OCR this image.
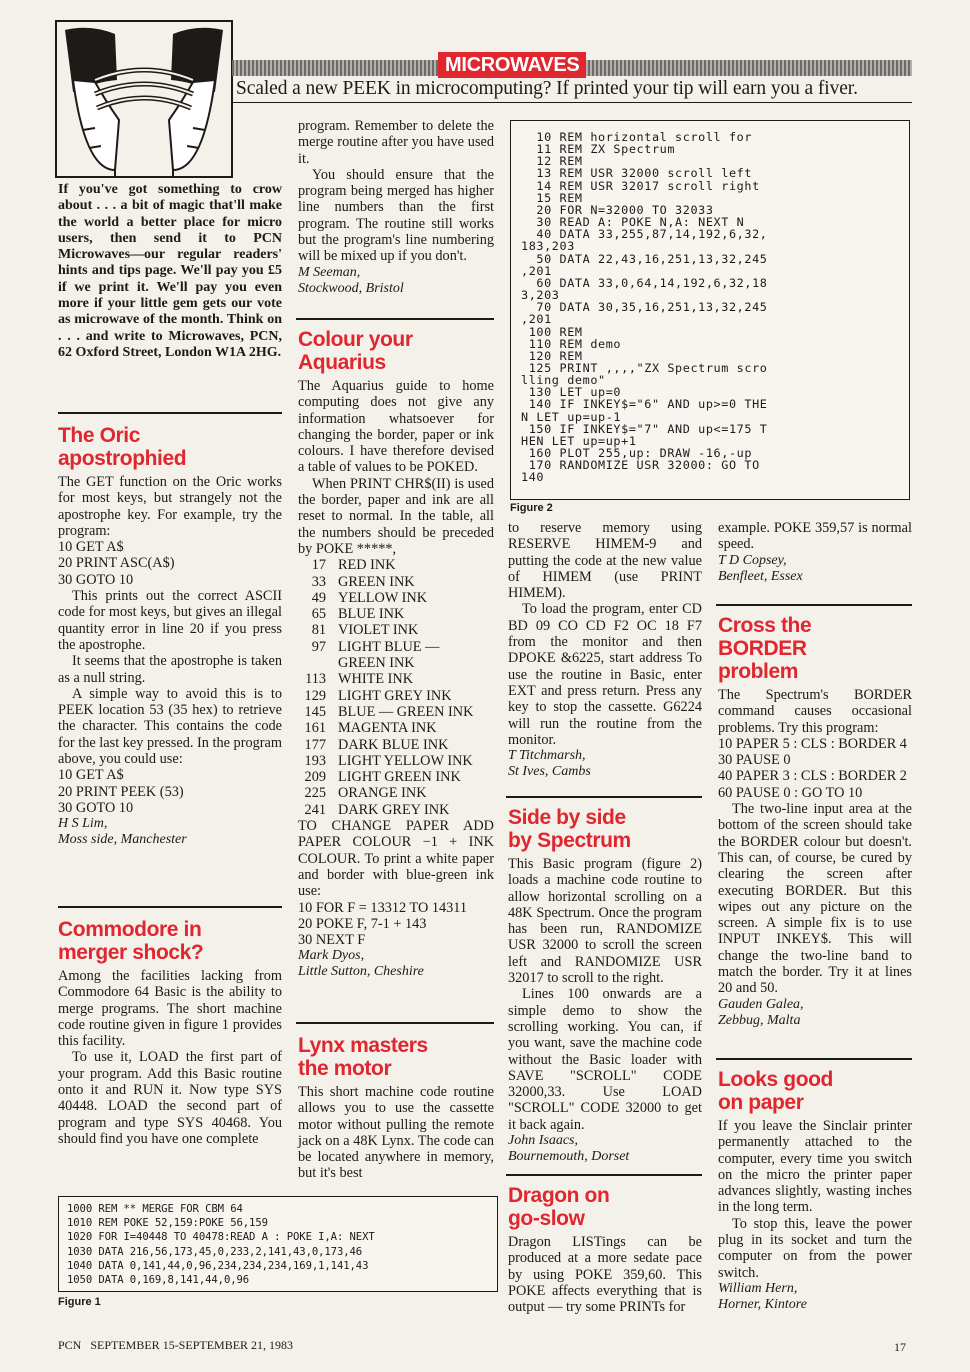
MICROWAVES
Scaled a new PEEK in microcomputing? If printed your tip will earn you a fiver.

If you've got something to crow about . . . a bit of magic that'll make the world a better place for micro users, then send it to PCN Microwaves—our regular readers' hints and tips page. We'll pay you £5 if we print it. We'll pay you even more if your little gem gets our vote as microwave of the month. Think on . . . and write to Microwaves, PCN, 62 Oxford Street, London W1A 2HG.

The Oric apostrophied

The GET function on the Oric works for most keys, but strangely not the apostrophe key. For example, try the program:

10 GET A$
20 PRINT ASC(A$)
30 GOTO 10

This prints out the correct ASCII code for most keys, but gives an illegal quantity error in line 20 if you press the apostrophe.

It seems that the apostrophe is taken as a null string.

A simple way to avoid this is to PEEK location 53 (35 hex) to retrieve the character. This contains the code for the last key pressed. In the program above, you could use:

10 GET A$
20 PRINT PEEK (53)
30 GOTO 10

H S Lim,

Moss side, Manchester

Commodore in merger shock?

Among the facilities lacking from Commodore 64 Basic is the ability to merge programs. The short machine code routine given in figure 1 provides this facility.

To use it, LOAD the first part of your program. Add this Basic routine onto it and RUN it. Now type SYS 40448. LOAD the second part of program and type SYS 40468. You should find you have one complete

program. Remember to delete the merge routine after you have used it.

You should ensure that the program being merged has higher line numbers than the first program. The routine still works but the program's line numbering will be mixed up if you don't.

M Seeman,

Stockwood, Bristol

Colour your Aquarius

The Aquarius guide to home computing does not give any information whatsoever for changing the border, paper or ink colours. I have therefore devised a table of values to be POKED.

When PRINT CHR$(II) is used the border, paper and ink are all reset to normal. In the table, all the numbers should be preceded by POKE *****,

17 RED INK
33 GREEN INK
49 YELLOW INK
65 BLUE INK
81 VIOLET INK
97 LIGHT BLUE — GREEN INK
113 WHITE INK
129 LIGHT GREY INK
145 BLUE — GREEN INK
161 MAGENTA INK
177 DARK BLUE INK
193 LIGHT YELLOW INK
209 LIGHT GREEN INK
225 ORANGE INK
241 DARK GREY INK

TO CHANGE PAPER ADD PAPER COLOUR −1 + INK COLOUR. To print a white paper and border with blue-green ink use:

10 FOR F = 13312 TO 14311
20 POKE F, 7-1 + 143
30 NEXT F

Mark Dyos,

Little Sutton, Cheshire

Lynx masters the motor

This short machine code routine allows you to use the cassette motor without pulling the remote jack on a 48K Lynx. The code can be located anywhere in memory, but it's best

10 REM horizontal scroll for
11 REM ZX Spectrum
12 REM
13 REM USR 32000 scroll left
14 REM USR 32017 scroll right
15 REM
20 FOR N=32000 TO 32033
30 READ A: POKE N,A: NEXT N
40 DATA 33,255,87,14,192,6,32,
183,203
50 DATA 22,43,16,251,13,32,245
,201
60 DATA 33,0,64,14,192,6,32,18
3,203
70 DATA 30,35,16,251,13,32,245
,201
100 REM
110 REM demo
120 REM
125 PRINT ,,,,"ZX Spectrum scro
lling demo"
130 LET up=0
140 IF INKEY$="6" AND up>=0 THE
N LET up=up-1
150 IF INKEY$="7" AND up<=175 T
HEN LET up=up+1
160 PLOT 255,up: DRAW -16,-up
170 RANDOMIZE USR 32000: GO TO
140
Figure 2

to reserve memory using RESERVE HIMEM-9 and putting the code at the new value of HIMEM (use PRINT HIMEM).

To load the program, enter CD BD 09 CO CD F2 OC 18 F7 from the monitor and then DPOKE &6225, start address To use the routine in Basic, enter EXT and press return. Press any key to stop the cassette. G6224 will run the routine from the monitor.

T Titchmarsh,

St Ives, Cambs

Side by side by Spectrum

This Basic program (figure 2) loads a machine code routine to allow horizontal scrolling on a 48K Spectrum. Once the program has been run, RANDOMIZE USR 32000 to scroll the screen left and RANDOMIZE USR 32017 to scroll to the right.

Lines 100 onwards are a simple demo to show the scrolling working. You can, if you want, save the machine code without the Basic loader with SAVE "SCROLL" CODE 32000,33. Use LOAD "SCROLL" CODE 32000 to get it back again.

John Isaacs,

Bournemouth, Dorset

Dragon on go-slow

Dragon LISTings can be produced at a more sedate pace by using POKE 359,60. This POKE affects everything that is output — try some PRINTs for

example. POKE 359,57 is normal speed.

T D Copsey,

Benfleet, Essex

Cross the BORDER problem

The Spectrum's BORDER command causes occasional problems. Try this program:

10 PAPER 5 : CLS : BORDER 4
30 PAUSE 0
40 PAPER 3 : CLS : BORDER 2
60 PAUSE 0 : GO TO 10

The two-line input area at the bottom of the screen should take the BORDER colour but doesn't. This can, of course, be cured by clearing the screen after executing BORDER. But this wipes out any picture on the screen. A simple fix is to use INPUT INKEY$. This will change the two-line band to match the border. Try it at lines 20 and 50.

Gauden Galea,

Zebbug, Malta

Looks good on paper

If you leave the Sinclair printer permanently attached to the computer, every time you switch on the micro the printer paper advances slightly, wasting inches in the long term.

To stop this, leave the power plug in its socket and turn the computer on from the power switch.

William Hern,

Horner, Kintore

1000 REM ** MERGE FOR CBM 64
1010 REM POKE 52,159:POKE 56,159
1020 FOR I=40448 TO 40478:READ A : POKE I,A: NEXT
1030 DATA 216,56,173,45,0,233,2,141,43,0,173,46
1040 DATA 0,141,44,0,96,234,234,234,169,1,141,43
1050 DATA 0,169,8,141,44,0,96
Figure 1
PCN   SEPTEMBER 15-SEPTEMBER 21, 1983	17
